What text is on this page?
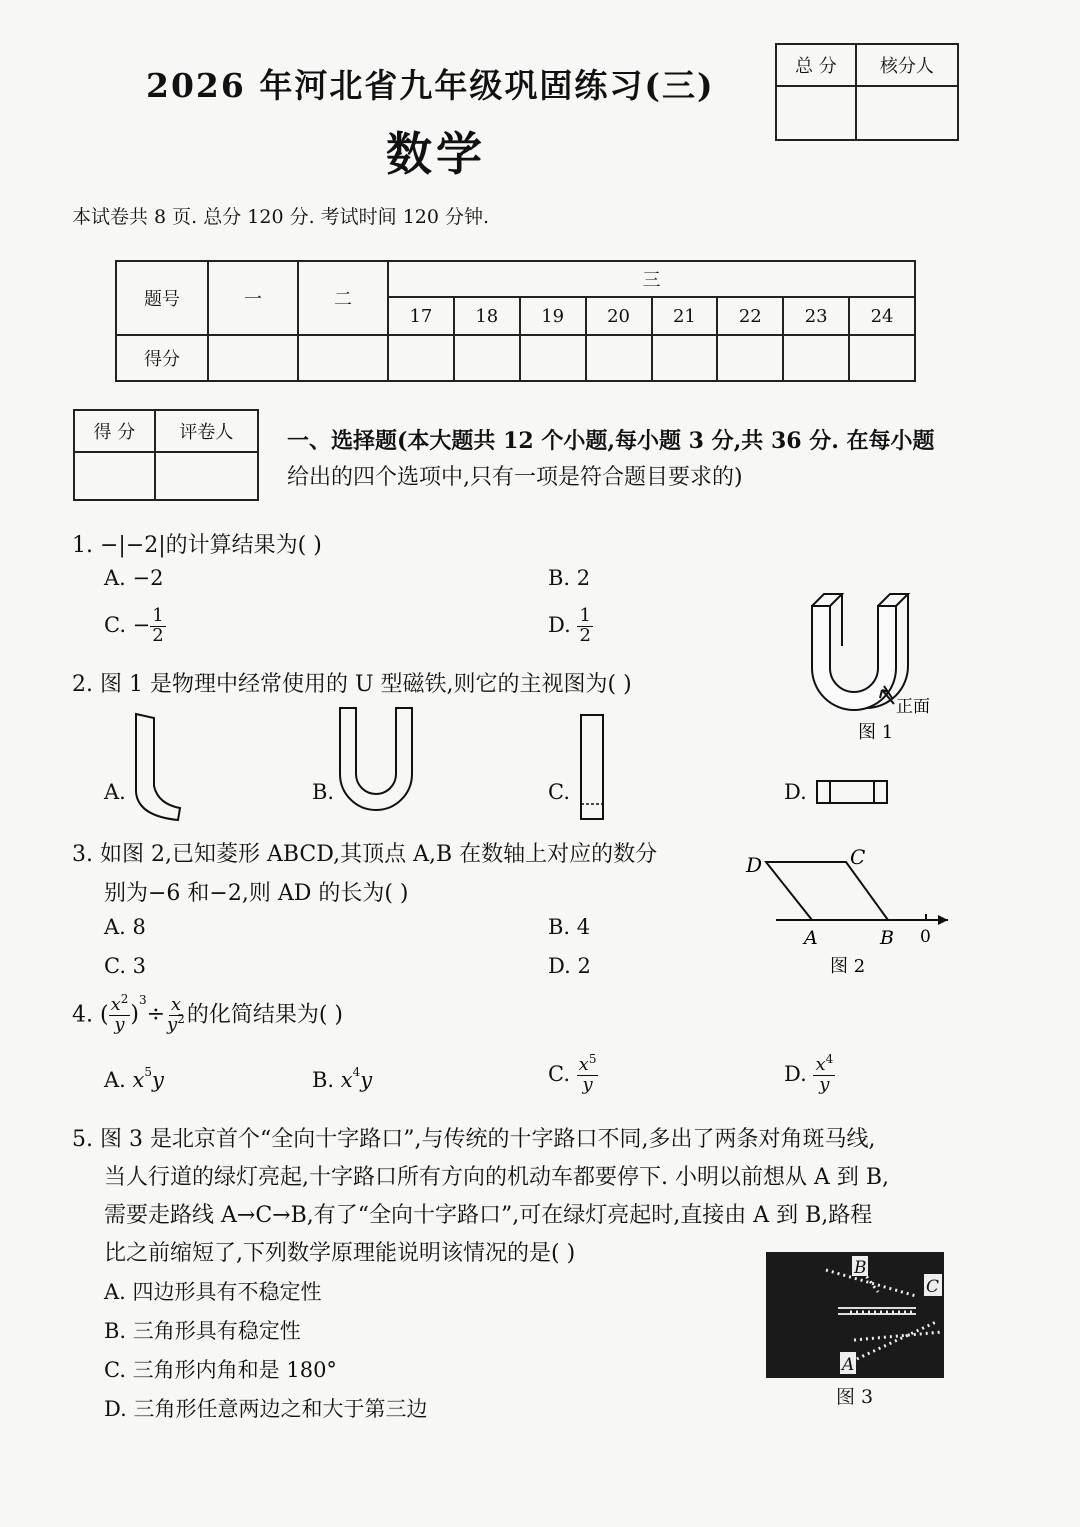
2026 年河北省九年级巩固练习(三)
数学
本试卷共 8 页. 总分 120 分. 考试时间 120 分钟.
总 分	核分人

题号	一	二	三							
			17	18	19	20	21	22	23	24
得分										
得 分	评卷人
	一、选择题(本大题共 12 个小题,每小题 3 分,共 36 分. 在每小题
给出的四个选项中,只有一项是符合题目要求的)
1. −|−2|的计算结果为( )
A. −2	B. 2
C. − $\frac{1}{2}$	D. $\frac{1}{2}$
正面
图 1
2. 图 1 是物理中经常使用的 U 型磁铁,则它的主视图为( )
A.	B.	C.	D.
3. 如图 2,已知菱形 ABCD,其顶点 A,B 在数轴上对应的数分
别为−6 和−2,则 AD 的长为( )
A. 8	B. 4
C. 3	D. 2
D	C
A	B 0
图 2
4. ( $\frac{x^2}{y} )^3\div \frac{x}{y^2}$ 的化简结果为( )
A. $x^5y$	B. $x^4y$	C. $\frac{x^5}{y}$	D. $\frac{x^4}{y}$
5. 图 3 是北京首个“全向十字路口”,与传统的十字路口不同,多出了两条对角斑马线,
当人行道的绿灯亮起,十字路口所有方向的机动车都要停下. 小明以前想从 A 到 B,
需要走路线 A→C→B,有了“全向十字路口”,可在绿灯亮起时,直接由 A 到 B,路程
比之前缩短了,下列数学原理能说明该情况的是( )
A. 四边形具有不稳定性
B. 三角形具有稳定性
C. 三角形内角和是 180°
D. 三角形任意两边之和大于第三边
B
C
A
图 3
